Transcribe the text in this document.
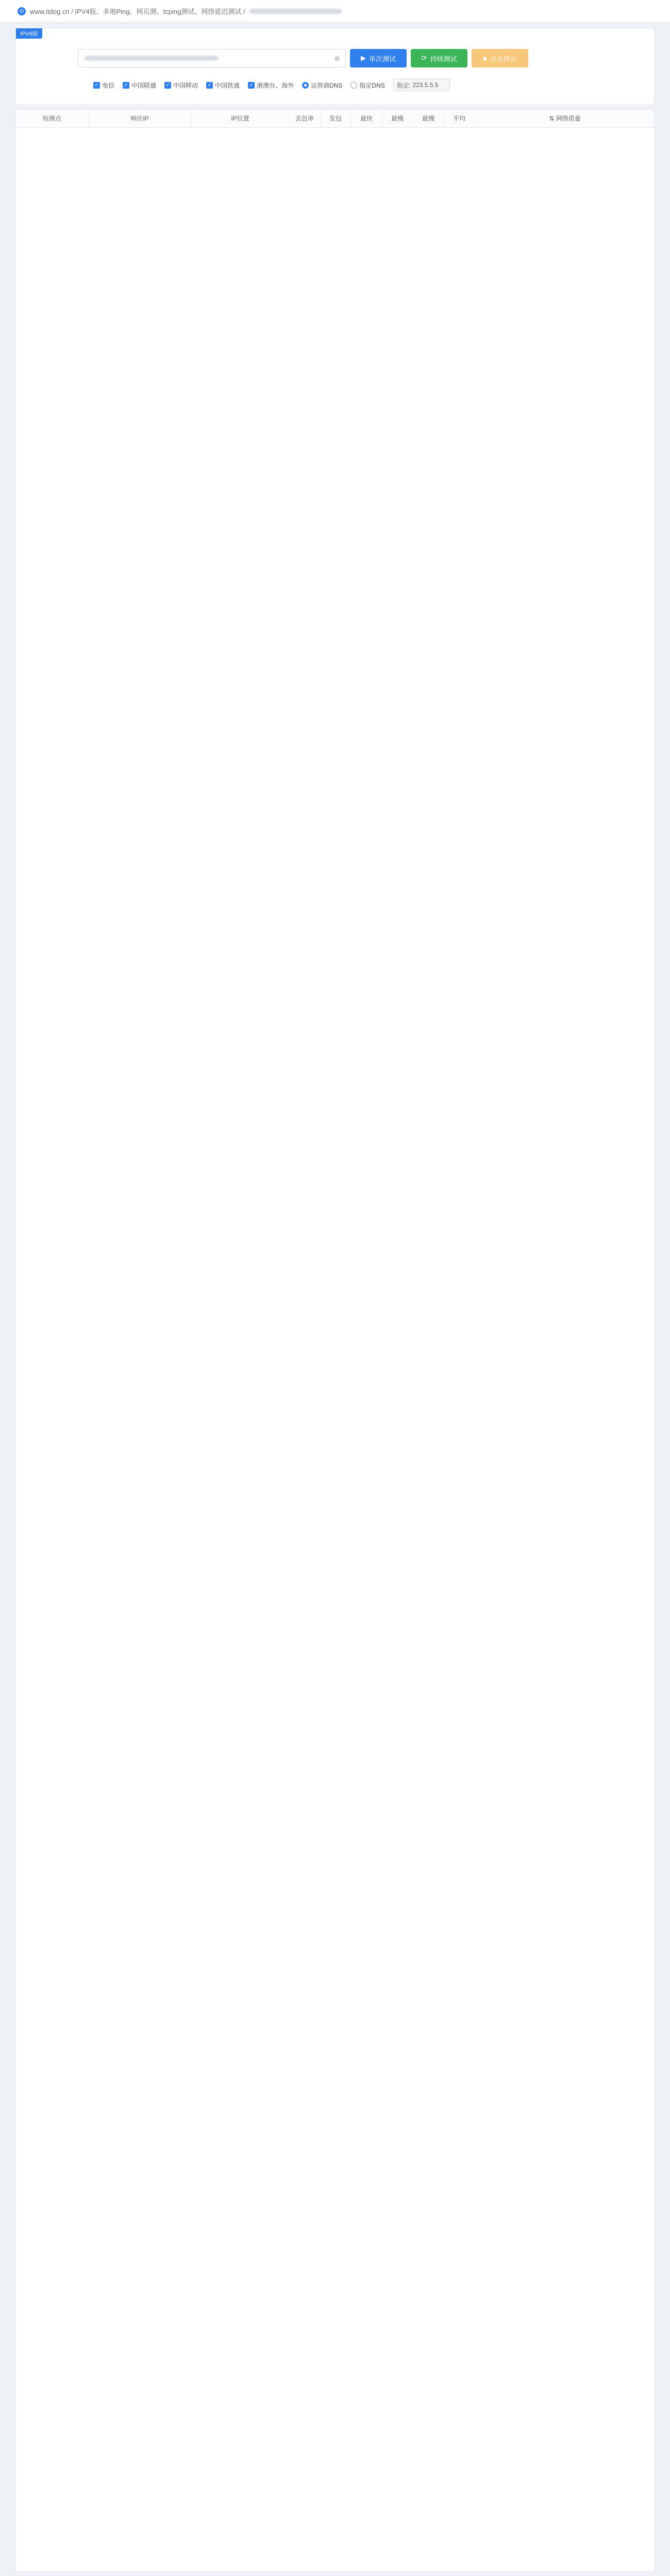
◎ www.itdog.cn / IPV4版、多地Ping、网页测、tcping测试、网络延迟测试 /
IPV6版
⊗	▶ 单次测试	⟳ 持续测试	■ 点击停止
✓ 电信 ✓ 中国联通 ✓ 中国移动 ✓ 中国铁通 ✓ 港澳台、海外	运营商DNS	指定DNS 指定:
223.5.5.5
检测点	响应IP	IP位置	丢包率	发包	最快	最慢	最慢	平均	⇅ 网络质量
